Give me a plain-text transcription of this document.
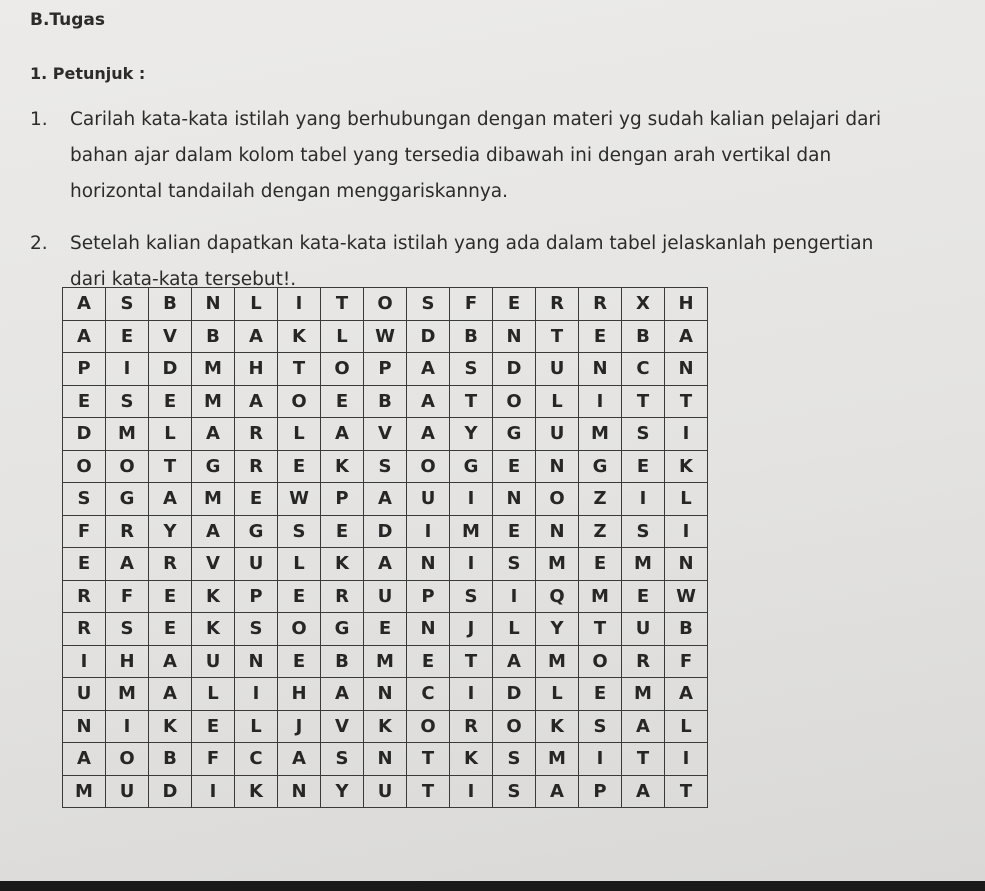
B.Tugas
1. Petunjuk :
1. Carilah kata-kata istilah yang berhubungan dengan materi yg sudah kalian pelajari dari
bahan ajar dalam kolom tabel yang tersedia dibawah ini dengan arah vertikal dan
horizontal tandailah dengan menggariskannya.
2. Setelah kalian dapatkan kata-kata istilah yang ada dalam tabel jelaskanlah pengertian
dari kata-kata tersebut!.
A	S	B	N	L	I	T	O	S	F	E	R	R	X	H
A	E	V	B	A	K	L	W	D	B	N	T	E	B	A
P	I	D	M	H	T	O	P	A	S	D	U	N	C	N
E	S	E	M	A	O	E	B	A	T	O	L	I	T	T
D	M	L	A	R	L	A	V	A	Y	G	U	M	S	I
O	O	T	G	R	E	K	S	O	G	E	N	G	E	K
S	G	A	M	E	W	P	A	U	I	N	O	Z	I	L
F	R	Y	A	G	S	E	D	I	M	E	N	Z	S	I
E	A	R	V	U	L	K	A	N	I	S	M	E	M	N
R	F	E	K	P	E	R	U	P	S	I	Q	M	E	W
R	S	E	K	S	O	G	E	N	J	L	Y	T	U	B
I	H	A	U	N	E	B	M	E	T	A	M	O	R	F
U	M	A	L	I	H	A	N	C	I	D	L	E	M	A
N	I	K	E	L	J	V	K	O	R	O	K	S	A	L
A	O	B	F	C	A	S	N	T	K	S	M	I	T	I
M	U	D	I	K	N	Y	U	T	I	S	A	P	A	T
